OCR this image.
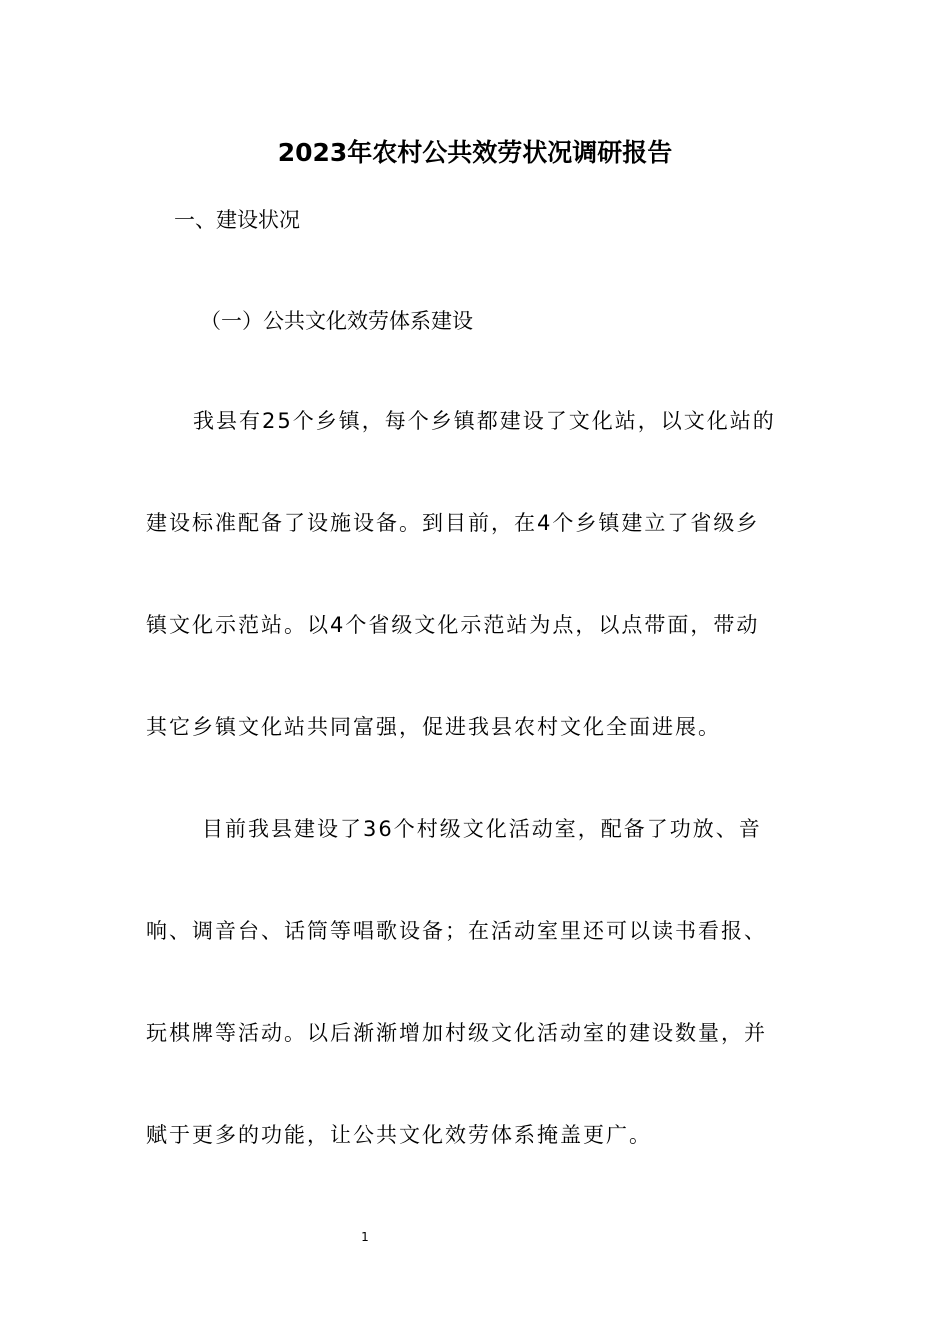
2023年农村公共效劳状况调研报告
一、建设状况
（一）公共文化效劳体系建设
我县有25个乡镇，每个乡镇都建设了文化站，以文化站的
建设标准配备了设施设备。到目前，在4个乡镇建立了省级乡
镇文化示范站。以4个省级文化示范站为点，以点带面，带动
其它乡镇文化站共同富强，促进我县农村文化全面进展。
目前我县建设了36个村级文化活动室，配备了功放、音
响、调音台、话筒等唱歌设备；在活动室里还可以读书看报、
玩棋牌等活动。以后渐渐增加村级文化活动室的建设数量，并
赋于更多的功能，让公共文化效劳体系掩盖更广。
1
